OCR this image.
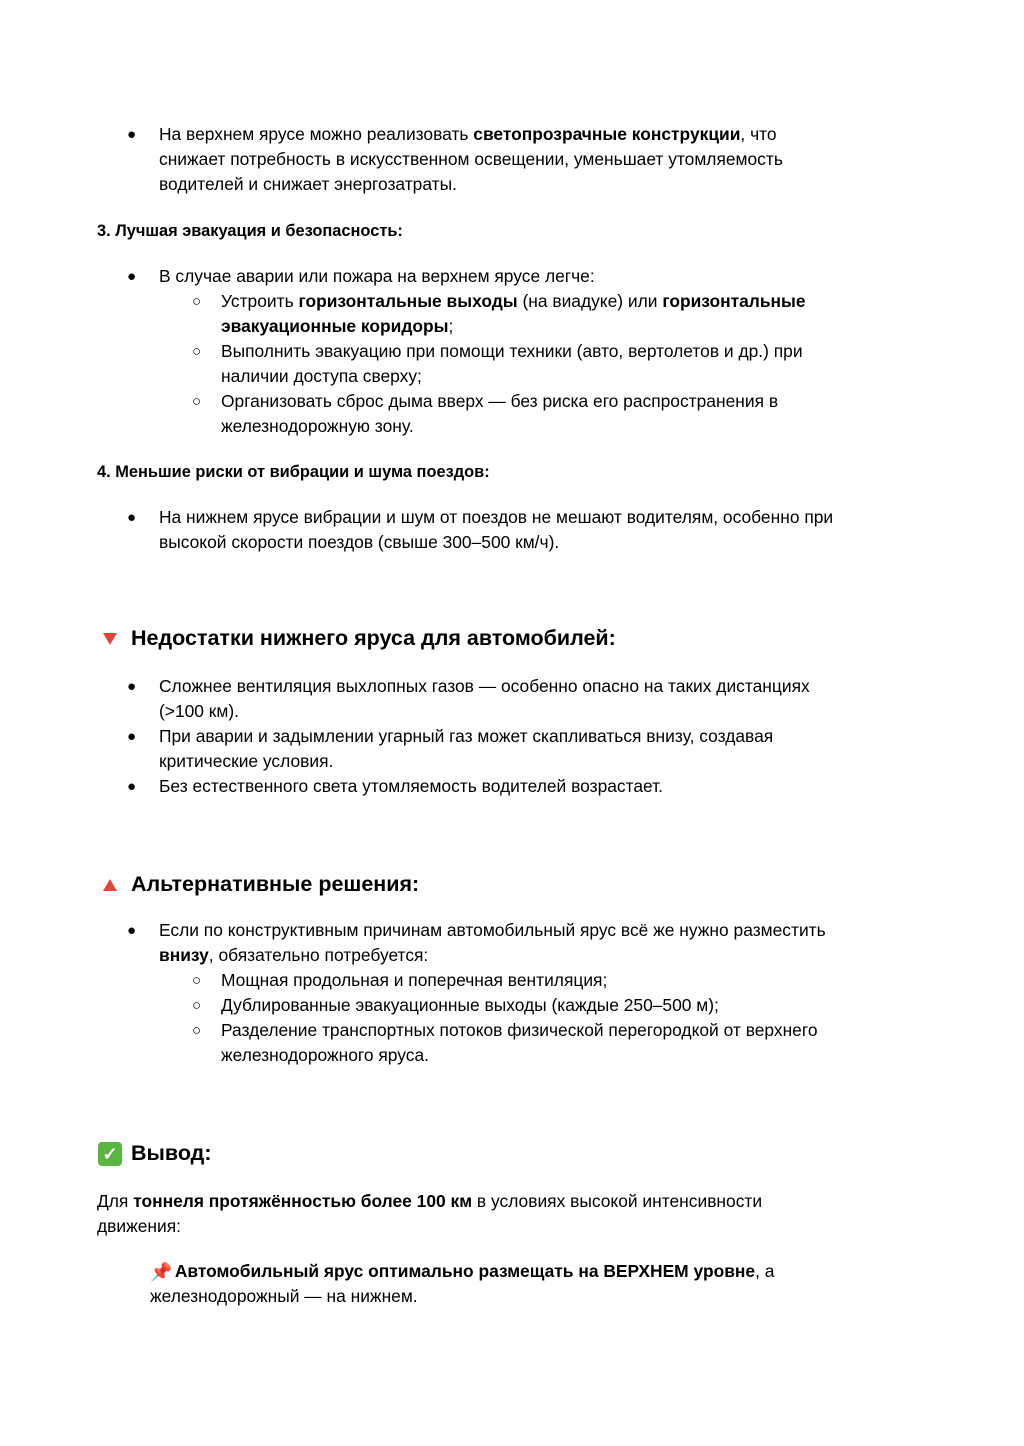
● На верхнем ярусе можно реализовать светопрозрачные конструкции, что

снижает потребность в искусственном освещении, уменьшает утомляемость

водителей и снижает энергозатраты.

3. Лучшая эвакуация и безопасность:
● В случае аварии или пожара на верхнем ярусе легче:

○ Устроить горизонтальные выходы (на виадуке) или горизонтальные

эвакуационные коридоры;

○ Выполнить эвакуацию при помощи техники (авто, вертолетов и др.) при

наличии доступа сверху;

○ Организовать сброс дыма вверх — без риска его распространения в

железнодорожную зону.

4. Меньшие риски от вибрации и шума поездов:
● На нижнем ярусе вибрации и шум от поездов не мешают водителям, особенно при

высокой скорости поездов (свыше 300–500 км/ч).

Недостатки нижнего яруса для автомобилей:
● Сложнее вентиляция выхлопных газов — особенно опасно на таких дистанциях

(>100 км).

● При аварии и задымлении угарный газ может скапливаться внизу, создавая

критические условия.

● Без естественного света утомляемость водителей возрастает.

Альтернативные решения:
● Если по конструктивным причинам автомобильный ярус всё же нужно разместить

внизу, обязательно потребуется:

○ Мощная продольная и поперечная вентиляция;

○ Дублированные эвакуационные выходы (каждые 250–500 м);

○ Разделение транспортных потоков физической перегородкой от верхнего

железнодорожного яруса.

✓ Вывод:

Для тоннеля протяжённостью более 100 км в условиях высокой интенсивности

движения:

📌 Автомобильный ярус оптимально размещать на ВЕРХНЕМ уровне, а

железнодорожный — на нижнем.
